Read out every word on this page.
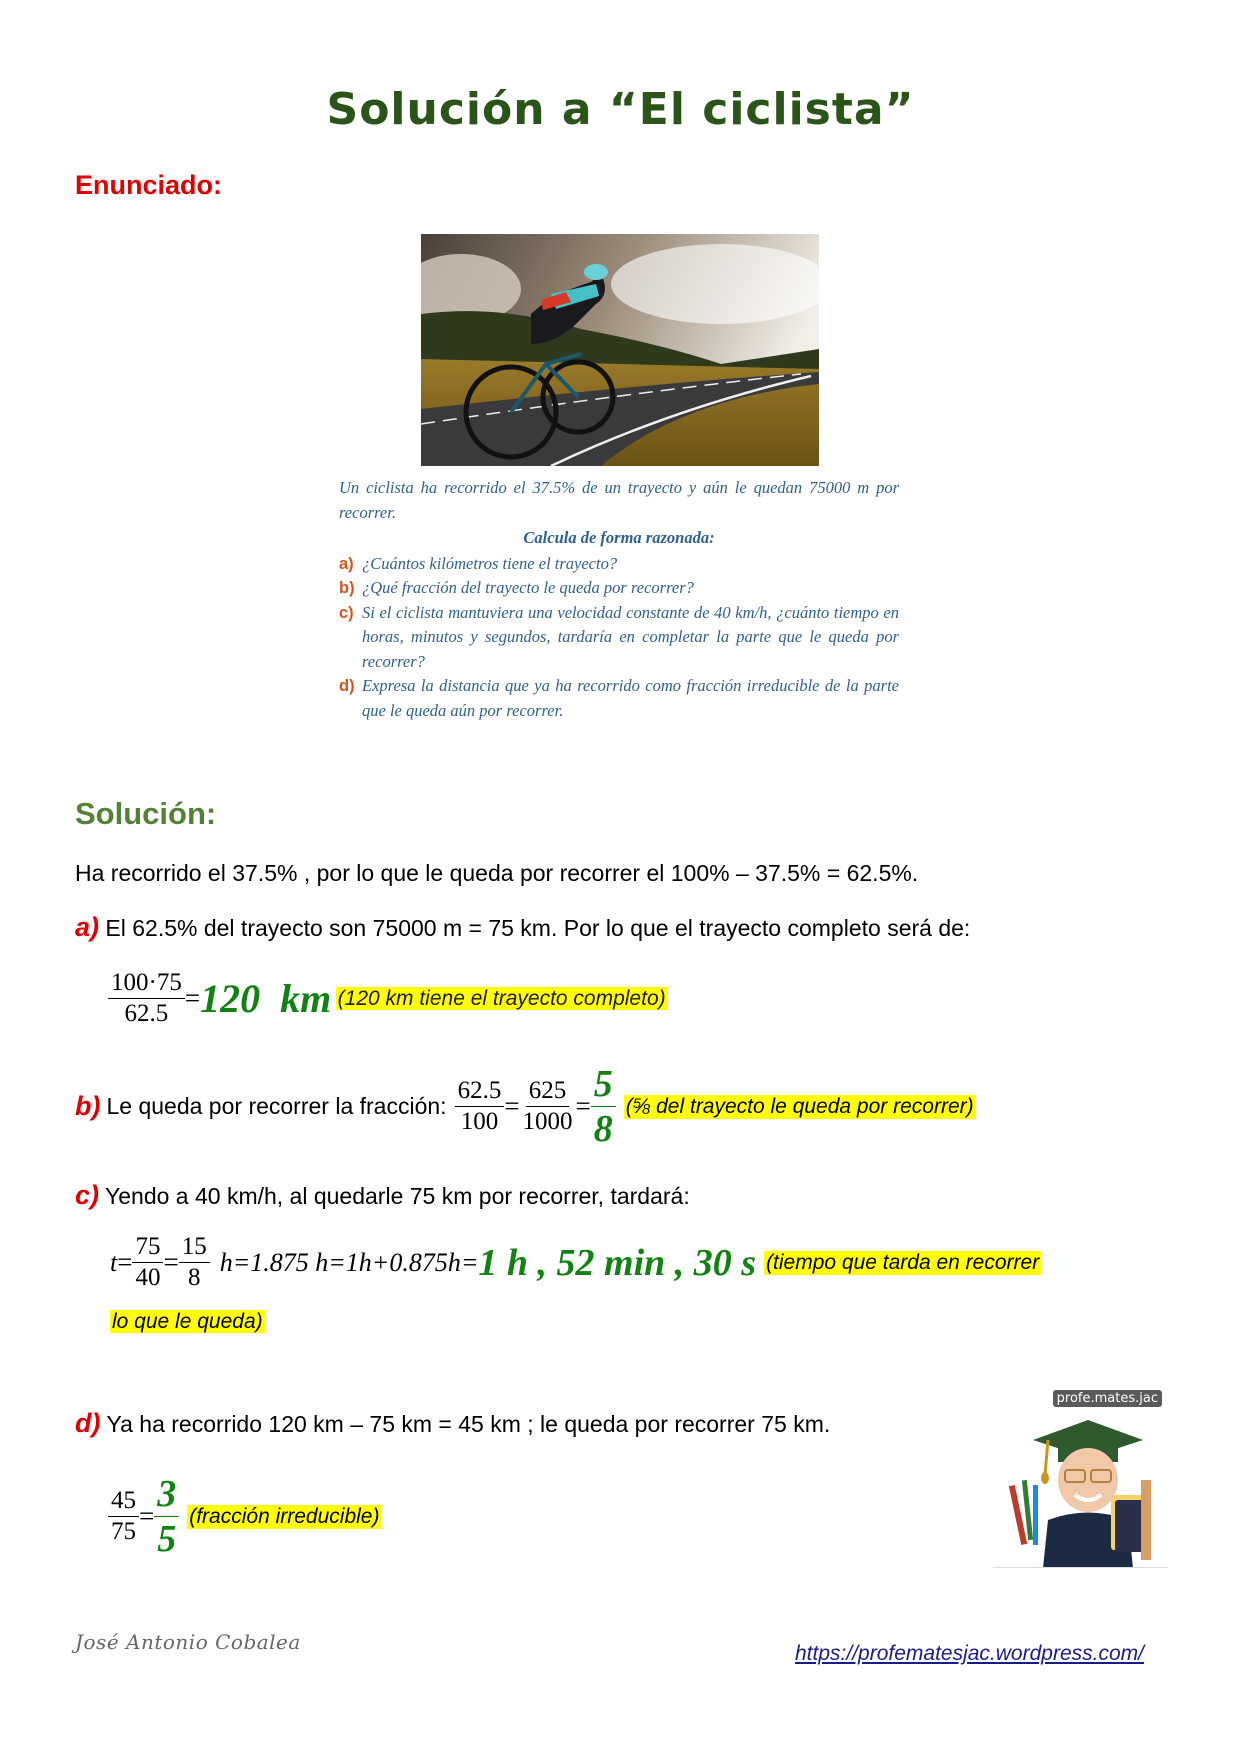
Solución a “El ciclista”
Enunciado:
Un ciclista ha recorrido el 37.5% de un trayecto y aún le quedan 75000 m por recorrer.
Calcula de forma razonada:
a) ¿Cuántos kilómetros tiene el trayecto?
b) ¿Qué fracción del trayecto le queda por recorrer?
c) Si el ciclista mantuviera una velocidad constante de 40 km/h, ¿cuánto tiempo en horas, minutos y segundos, tardaría en completar la parte que le queda por recorrer?
d) Expresa la distancia que ya ha recorrido como fracción irreducible de la parte que le queda aún por recorrer.
Solución:
Ha recorrido el 37.5% , por lo que le queda por recorrer el 100% – 37.5% = 62.5%.
a) El 62.5% del trayecto son 75000 m = 75 km. Por lo que el trayecto completo será de:
$\frac{100\cdot 75}{62.5} =120$  km (120 km tiene el trayecto completo)
b) Le queda por recorrer la fracción: $\frac{62.5}{100} = \frac{625}{1000} = \frac{5}{8}$ (⅝ del trayecto le queda por recorrer)
c) Yendo a 40 km/h, al quedarle 75 km por recorrer, tardará:
$t = \frac{75}{40} = \frac{15}{8} h=1.875$ h=1h+0.875h= 1 h , 52 min , 30 s (tiempo que tarda en recorrer
lo que le queda)
d) Ya ha recorrido 120 km – 75 km = 45 km ; le queda por recorrer 75 km.
$\frac{45}{75} = \frac{3}{5}$ (fracción irreducible)
profe.mates.jac
José Antonio Cobalea	https://profematesjac.wordpress.com/
